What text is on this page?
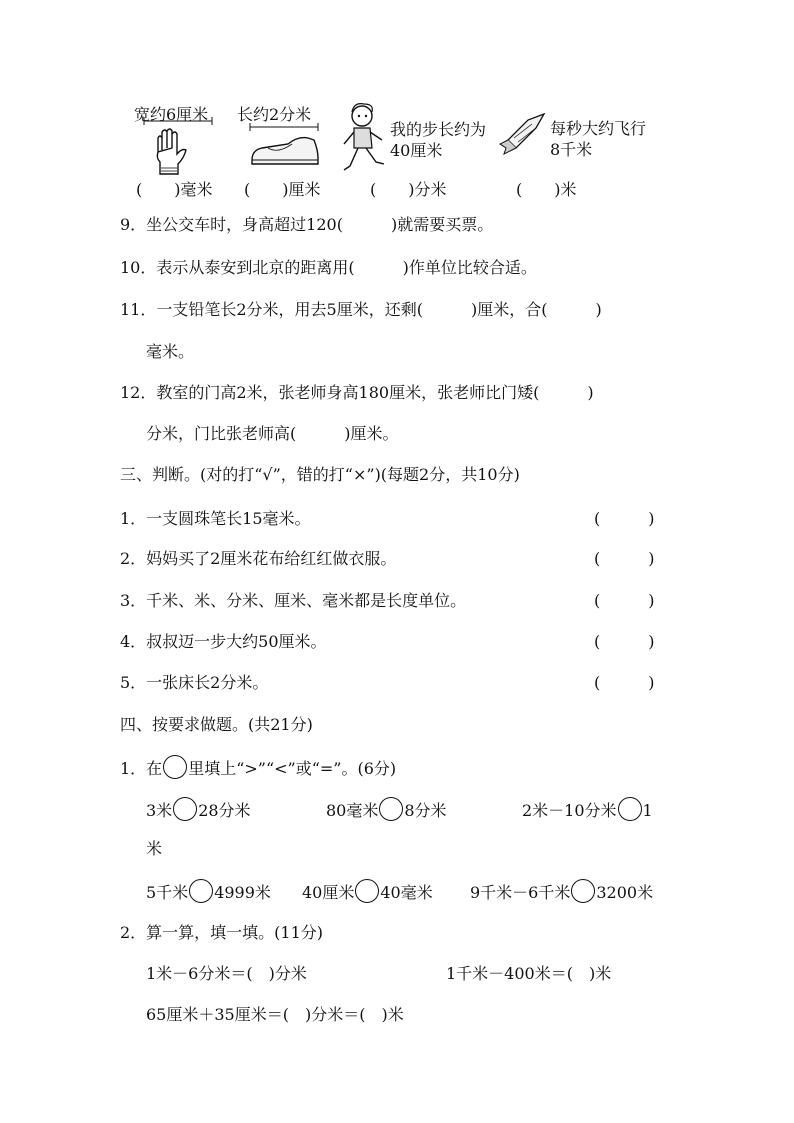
宽约6厘米 长约2分米
我的步长约为
40厘米
每秒大约飞行
8千米
(　　)毫米 (　　)厘米	(　　)分米	(　　)米
9．坐公交车时，身高超过120(　　　)就需要买票。
10．表示从泰安到北京的距离用(　　　)作单位比较合适。
11．一支铅笔长2分米，用去5厘米，还剩(　　　)厘米，合(　　　)
毫米。
12．教室的门高2米，张老师身高180厘米，张老师比门矮(　　　)
分米，门比张老师高(　　　)厘米。
三、判断。(对的打“√”，错的打“×”)(每题2分，共10分)
1．一支圆珠笔长15毫米。	(　　　)
2．妈妈买了2厘米花布给红红做衣服。	(　　　)
3．千米、米、分米、厘米、毫米都是长度单位。	(　　　)
4．叔叔迈一步大约50厘米。	(　　　)
5．一张床长2分米。	(　　　)
四、按要求做题。(共21分)
1．在 里填上“>”“<”或“=”。(6分)
3米 28分米	80毫米 8分米	2米－10分米 1
米
5千米 4999米 40厘米 40毫米 9千米－6千米 3200米
2．算一算，填一填。(11分)
1米－6分米＝(　)分米	1千米－400米＝(　)米
65厘米＋35厘米＝(　)分米＝(　)米
